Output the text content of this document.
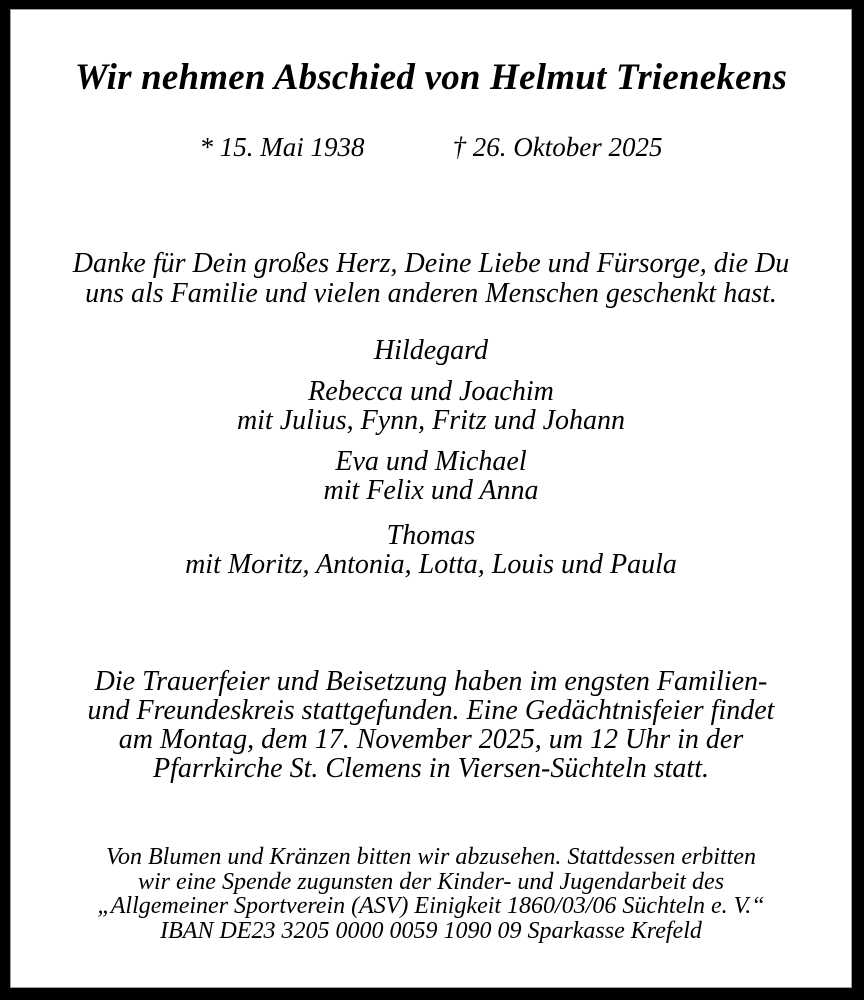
Wir nehmen Abschied von Helmut Trienekens
* 15. Mai 1938	† 26. Oktober 2025

Danke für Dein großes Herz, Deine Liebe und Fürsorge, die Du
uns als Familie und vielen anderen Menschen geschenkt hast.

Hildegard
Rebecca und Joachim
mit Julius, Fynn, Fritz und Johann
Eva und Michael
mit Felix und Anna
Thomas
mit Moritz, Antonia, Lotta, Louis und Paula

Die Trauerfeier und Beisetzung haben im engsten Familien-
und Freundeskreis stattgefunden. Eine Gedächtnisfeier findet
am Montag, dem 17. November 2025, um 12 Uhr in der
Pfarrkirche St. Clemens in Viersen-Süchteln statt.

Von Blumen und Kränzen bitten wir abzusehen. Stattdessen erbitten
wir eine Spende zugunsten der Kinder- und Jugendarbeit des
„Allgemeiner Sportverein (ASV) Einigkeit 1860/03/06 Süchteln e. V.“
IBAN DE23 3205 0000 0059 1090 09 Sparkasse Krefeld
